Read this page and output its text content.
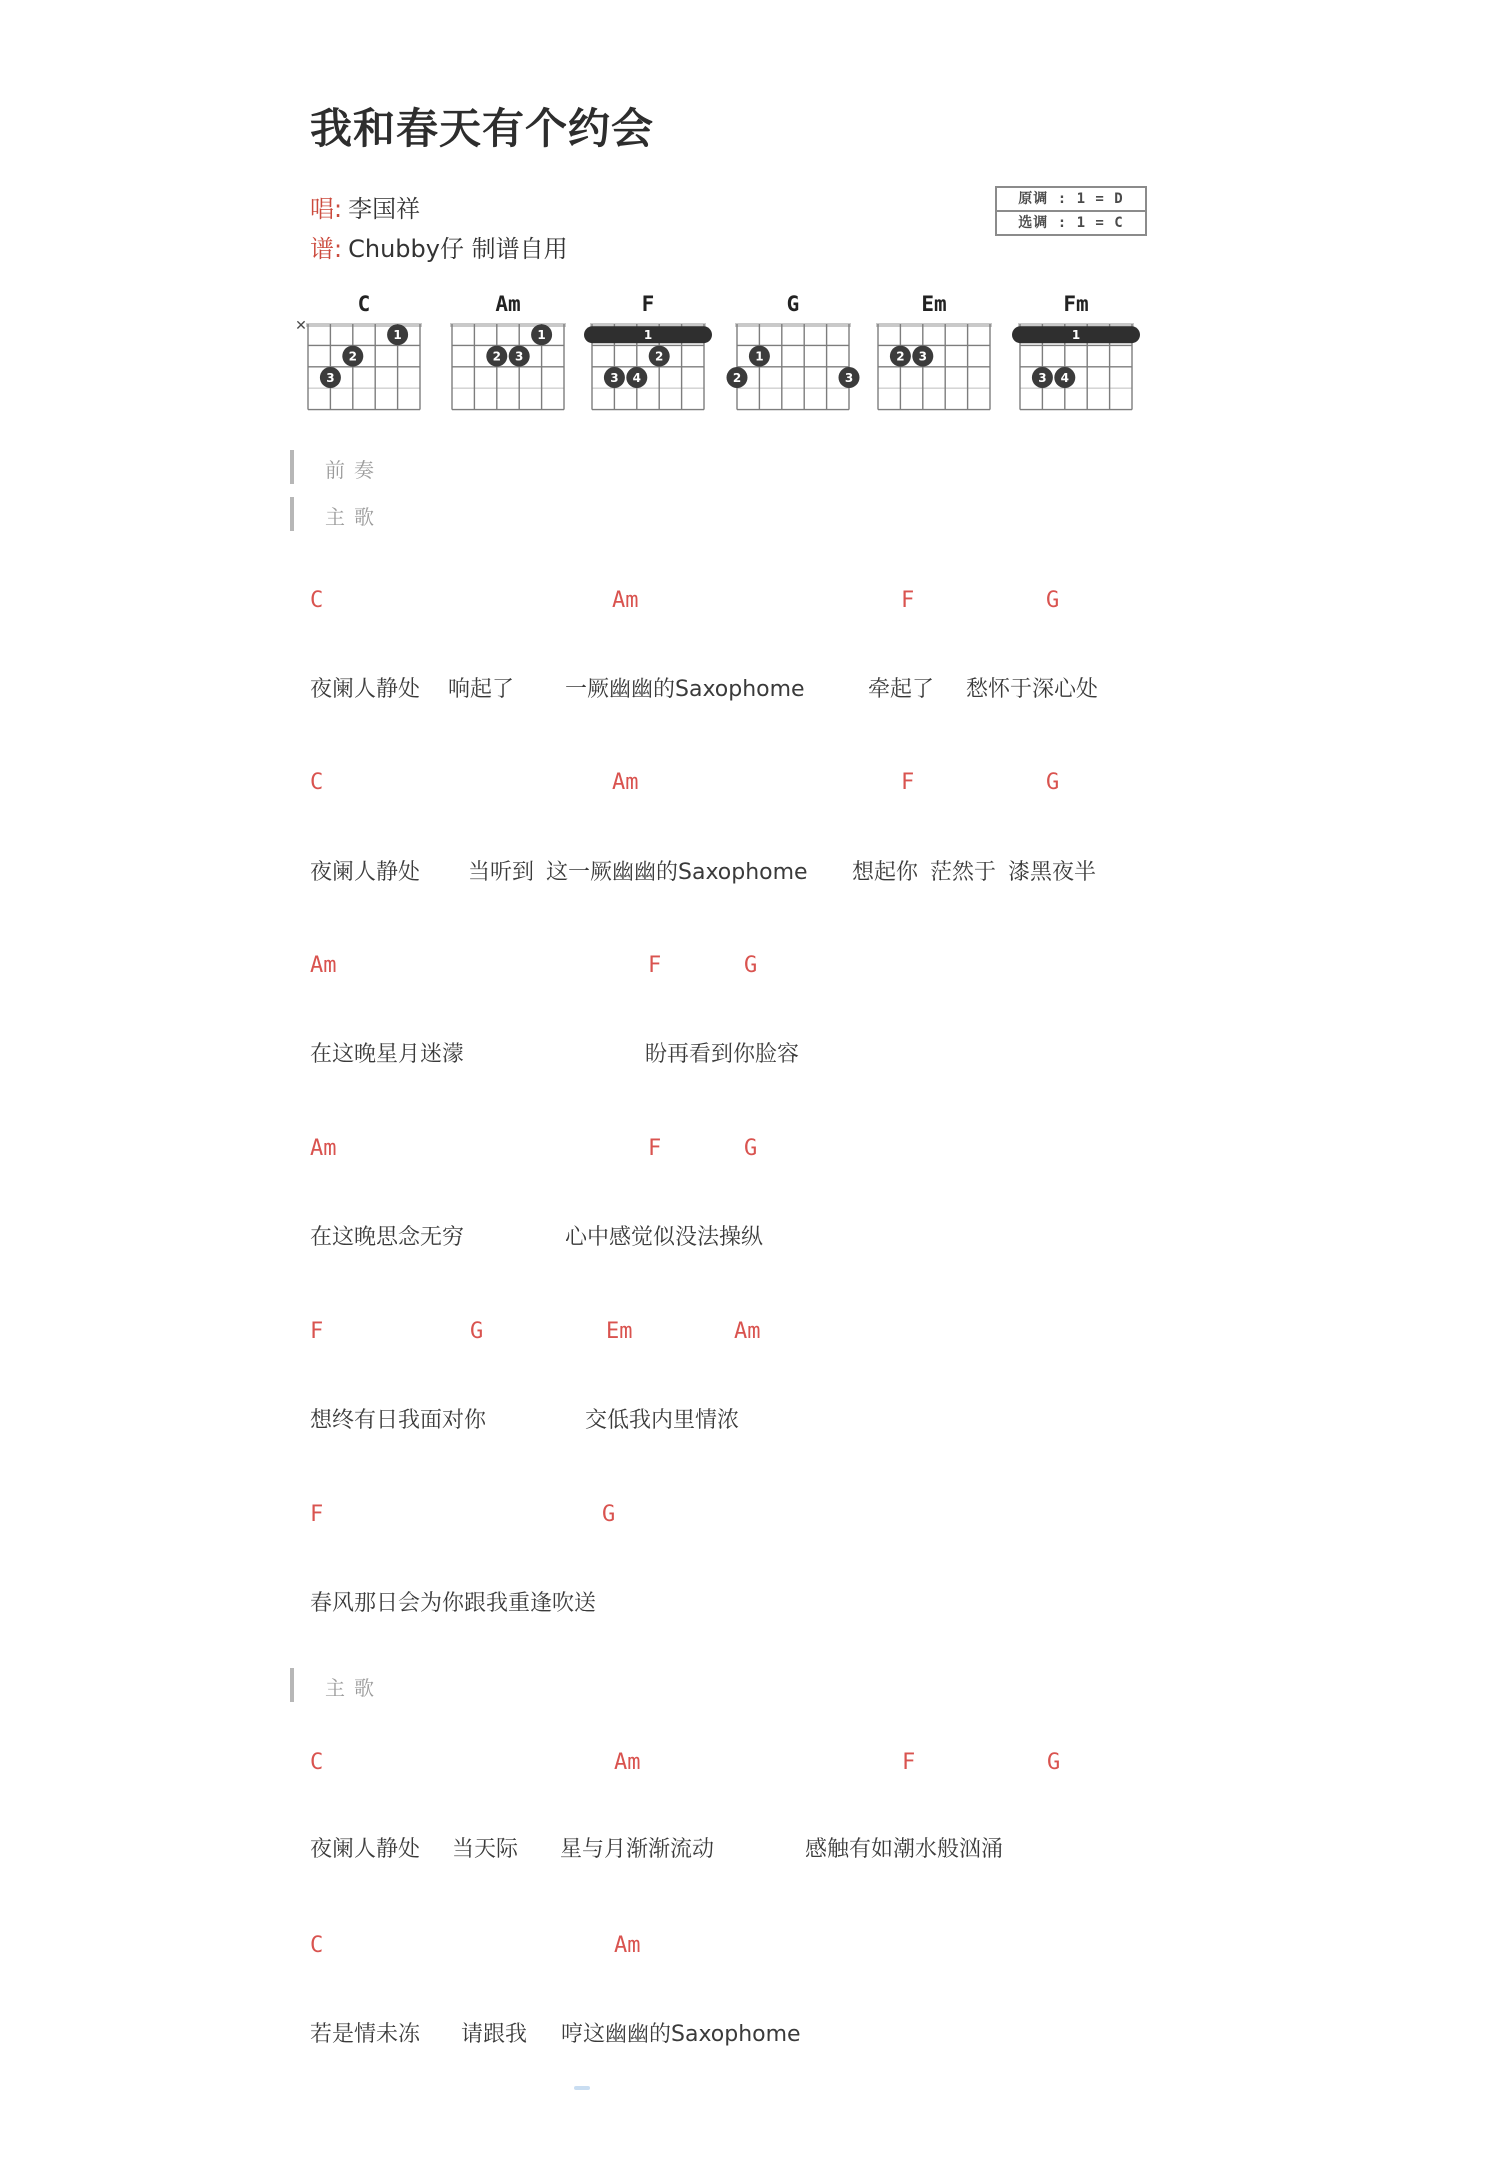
我和春天有个约会
唱: 李国祥
谱: Chubby仔 制谱自用
原调 : 1 = D
选调 : 1 = C
C
✕
1
2
3
Am
1
2 3
F
1
2
3 4
G
1
2	3
Em
2 3
Fm
1
3 4
前奏
主歌
C	Am	F	G
夜阑人静处 响起了 一厥幽幽的Saxophome	牵起了 愁怀于深心处
C	Am	F	G
夜阑人静处 当听到 这一厥幽幽的Saxophome 想起你 茫然于 漆黑夜半
Am	F	G
在这晚星月迷濛	盼再看到你脸容
Am	F	G
在这晚思念无穷	心中感觉似没法操纵
F	G	Em	Am
想终有日我面对你	交低我内里情浓
F	G
春风那日会为你跟我重逢吹送
主歌
C	Am	F	G
夜阑人静处 当天际 星与月渐渐流动	感触有如潮水般汹涌
C	Am
若是情未冻 请跟我 哼这幽幽的Saxophome
